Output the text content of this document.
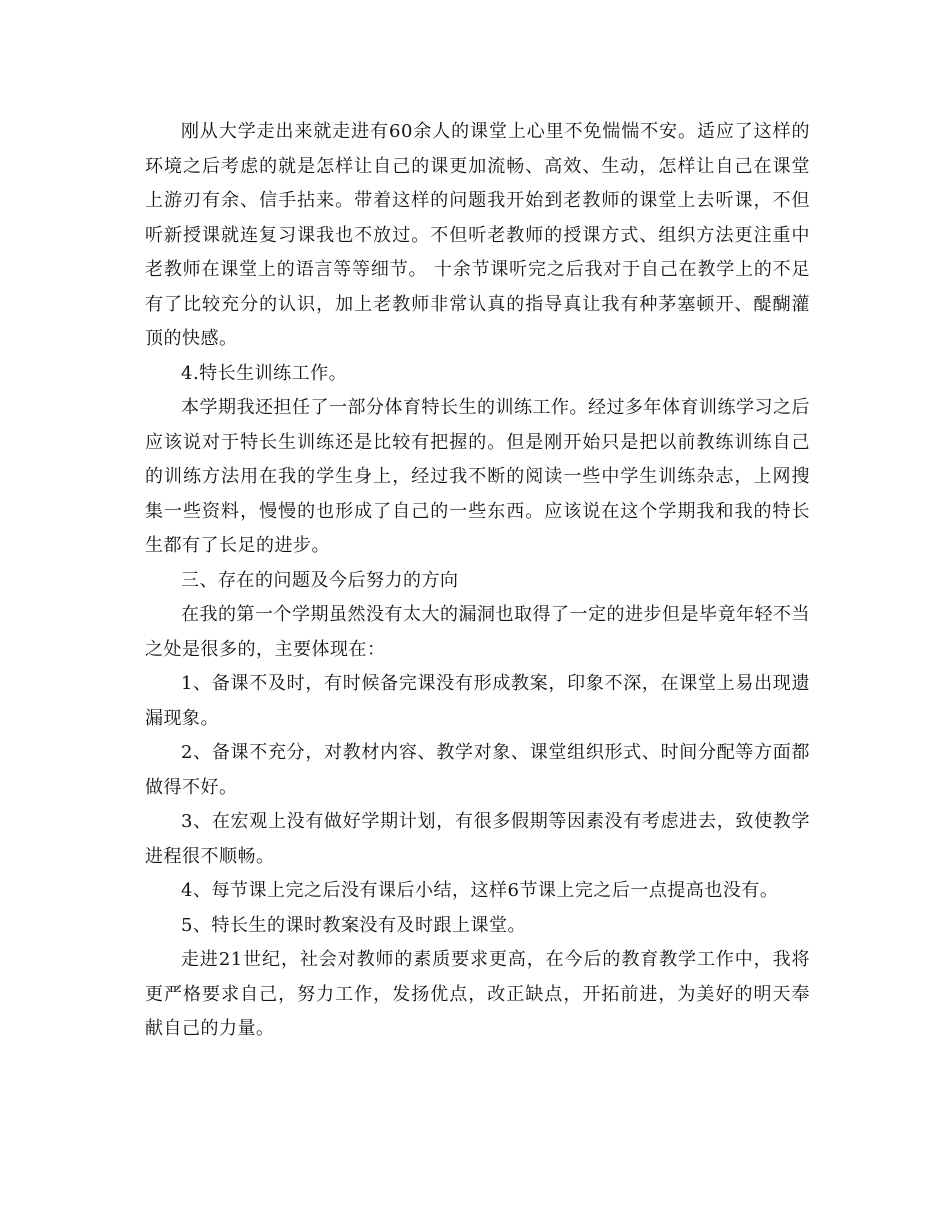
刚从大学走出来就走进有60余人的课堂上心里不免惴惴不安。适应了这样的环境之后考虑的就是怎样让自己的课更加流畅、高效、生动，怎样让自己在课堂上游刃有余、信手拈来。带着这样的问题我开始到老教师的课堂上去听课，不但听新授课就连复习课我也不放过。不但听老教师的授课方式、组织方法更注重中老教师在课堂上的语言等等细节。 十余节课听完之后我对于自己在教学上的不足有了比较充分的认识，加上老教师非常认真的指导真让我有种茅塞顿开、醍醐灌顶的快感。

4.特长生训练工作。

本学期我还担任了一部分体育特长生的训练工作。经过多年体育训练学习之后应该说对于特长生训练还是比较有把握的。但是刚开始只是把以前教练训练自己的训练方法用在我的学生身上，经过我不断的阅读一些中学生训练杂志，上网搜集一些资料，慢慢的也形成了自己的一些东西。应该说在这个学期我和我的特长生都有了长足的进步。

三、存在的问题及今后努力的方向

在我的第一个学期虽然没有太大的漏洞也取得了一定的进步但是毕竟年轻不当之处是很多的，主要体现在：

1、备课不及时，有时候备完课没有形成教案，印象不深，在课堂上易出现遗漏现象。

2、备课不充分，对教材内容、教学对象、课堂组织形式、时间分配等方面都做得不好。

3、在宏观上没有做好学期计划，有很多假期等因素没有考虑进去，致使教学进程很不顺畅。

4、每节课上完之后没有课后小结，这样6节课上完之后一点提高也没有。

5、特长生的课时教案没有及时跟上课堂。

走进21世纪，社会对教师的素质要求更高，在今后的教育教学工作中，我将更严格要求自己，努力工作，发扬优点，改正缺点，开拓前进，为美好的明天奉献自己的力量。
